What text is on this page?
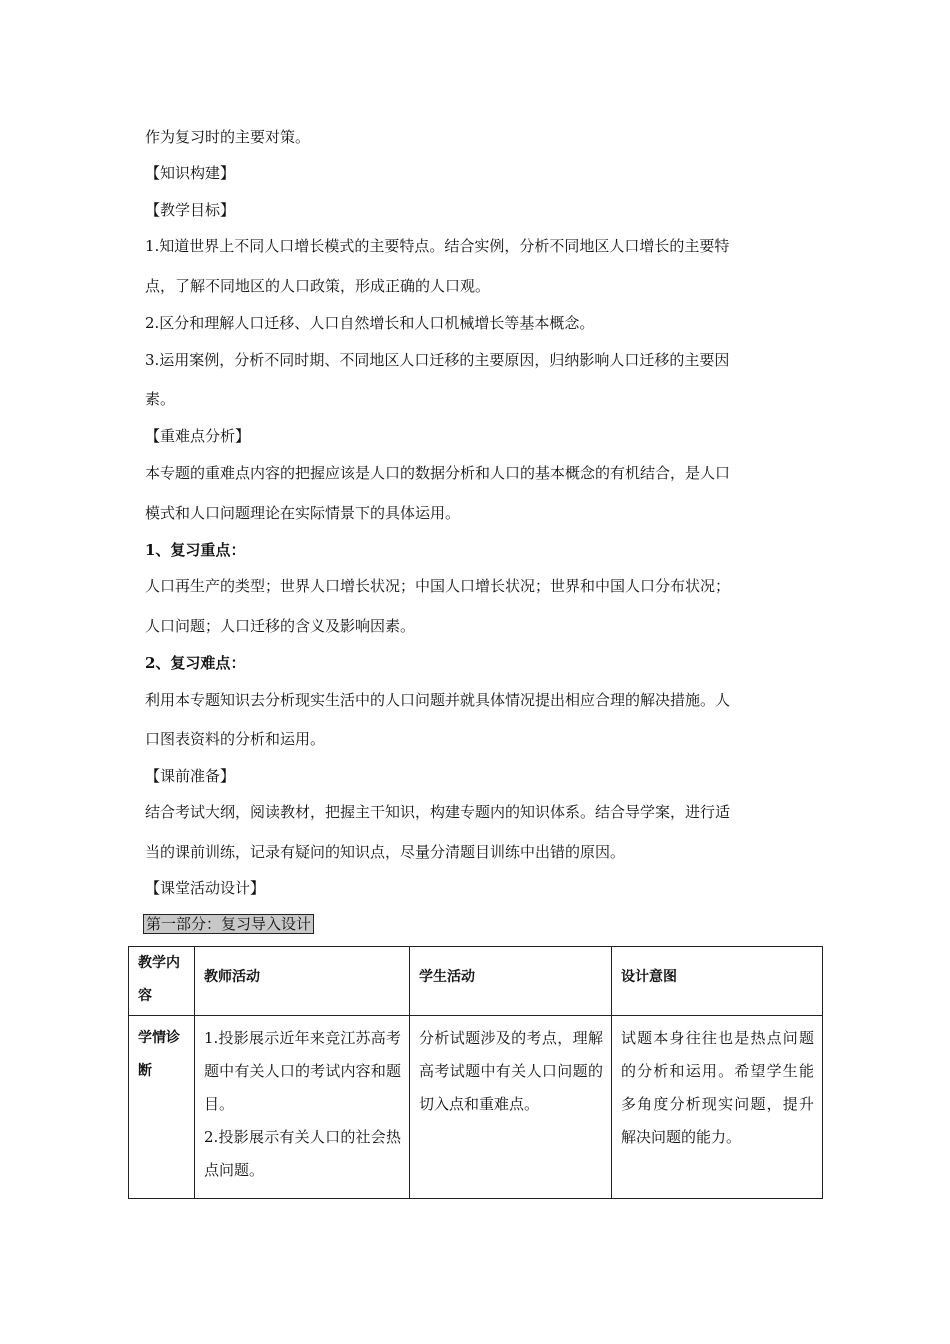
作为复习时的主要对策。
【知识构建】
【教学目标】
1.知道世界上不同人口增长模式的主要特点。结合实例，分析不同地区人口增长的主要特
点，了解不同地区的人口政策，形成正确的人口观。
2.区分和理解人口迁移、人口自然增长和人口机械增长等基本概念。
3.运用案例，分析不同时期、不同地区人口迁移的主要原因，归纳影响人口迁移的主要因
素。
【重难点分析】
本专题的重难点内容的把握应该是人口的数据分析和人口的基本概念的有机结合，是人口
模式和人口问题理论在实际情景下的具体运用。
1、复习重点：
人口再生产的类型；世界人口增长状况；中国人口增长状况；世界和中国人口分布状况；
人口问题；人口迁移的含义及影响因素。
2、复习难点：
利用本专题知识去分析现实生活中的人口问题并就具体情况提出相应合理的解决措施。人
口图表资料的分析和运用。
【课前准备】
结合考试大纲，阅读教材，把握主干知识，构建专题内的知识体系。结合导学案，进行适
当的课前训练，记录有疑问的知识点，尽量分清题目训练中出错的原因。
【课堂活动设计】
第一部分：复习导入设计
教学内容	教师活动	学生活动	设计意图
学情诊断	1.投影展示近年来竞江苏高考题中有关人口的考试内容和题目。
2.投影展示有关人口的社会热点问题。	分析试题涉及的考点，理解高考试题中有关人口问题的切入点和重难点。	试题本身往往也是热点问题的分析和运用。希望学生能多角度分析现实问题，提升解决问题的能力。
